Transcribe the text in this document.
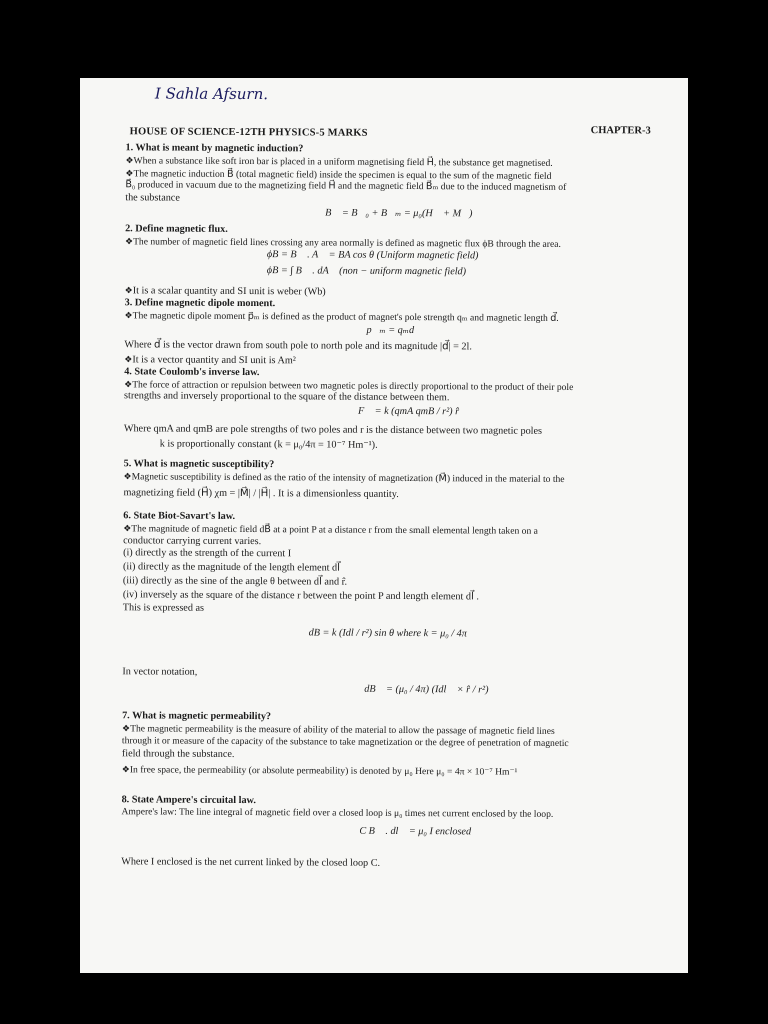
I Sahla Afsurn.
HOUSE OF SCIENCE-12TH PHYSICS-5 MARKS	CHAPTER-3
1. What is meant by magnetic induction?
❖ When a substance like soft iron bar is placed in a uniform magnetising field H⃗, the substance get magnetised.
❖ The magnetic induction B⃗ (total magnetic field) inside the specimen is equal to the sum of the magnetic field
B⃗₀ produced in vacuum due to the magnetizing field H⃗ and the magnetic field B⃗ₘ due to the induced magnetism of
the substance
B⃗ = B⃗₀ + B⃗ₘ = μ₀(H⃗ + M⃗)
2. Define magnetic flux.
❖ The number of magnetic field lines crossing any area normally is defined as magnetic flux ϕB through the area.
ϕB = B⃗ . A⃗ = BA cos θ (Uniform magnetic field)
ϕB = ∫ B⃗ . dA⃗ (non − uniform magnetic field)
❖ It is a scalar quantity and SI unit is weber (Wb)
3. Define magnetic dipole moment.
❖ The magnetic dipole moment p⃗ₘ is defined as the product of magnet's pole strength qₘ and magnetic length d⃗.
p⃗ₘ = qₘd⃗
Where d⃗ is the vector drawn from south pole to north pole and its magnitude |d⃗| = 2l.
❖ It is a vector quantity and SI unit is Am²
4. State Coulomb's inverse law.
❖ The force of attraction or repulsion between two magnetic poles is directly proportional to the product of their pole
strengths and inversely proportional to the square of the distance between them.
F⃗ = k (qmA qmB / r²) r̂
Where qmA and qmB are pole strengths of two poles and r is the distance between two magnetic poles
k is proportionally constant (k = μ₀/4π = 10⁻⁷ Hm⁻¹).
5. What is magnetic susceptibility?
❖ Magnetic susceptibility is defined as the ratio of the intensity of magnetization (M⃗) induced in the material to the
magnetizing field (H⃗) χm = |M⃗| / |H⃗| . It is a dimensionless quantity.
6. State Biot-Savart's law.
❖ The magnitude of magnetic field dB⃗ at a point P at a distance r from the small elemental length taken on a
conductor carrying current varies.
(i) directly as the strength of the current I
(ii) directly as the magnitude of the length element dl⃗
(iii) directly as the sine of the angle θ between dl⃗ and r̂.
(iv) inversely as the square of the distance r between the point P and length element dl⃗ .
This is expressed as
dB = k (Idl / r²) sin θ where k = μ₀ / 4π
In vector notation,
dB⃗ = (μ₀ / 4π) (Idl⃗ × r̂ / r²)
7. What is magnetic permeability?
❖ The magnetic permeability is the measure of ability of the material to allow the passage of magnetic field lines
through it or measure of the capacity of the substance to take magnetization or the degree of penetration of magnetic
field through the substance.
❖ In free space, the permeability (or absolute permeability) is denoted by μ₀ Here μ₀ = 4π × 10⁻⁷ Hm⁻¹
8. State Ampere's circuital law.
Ampere's law: The line integral of magnetic field over a closed loop is μ₀ times net current enclosed by the loop.
∮C B⃗ . dl⃗ = μ₀ I enclosed
Where I enclosed is the net current linked by the closed loop C.
